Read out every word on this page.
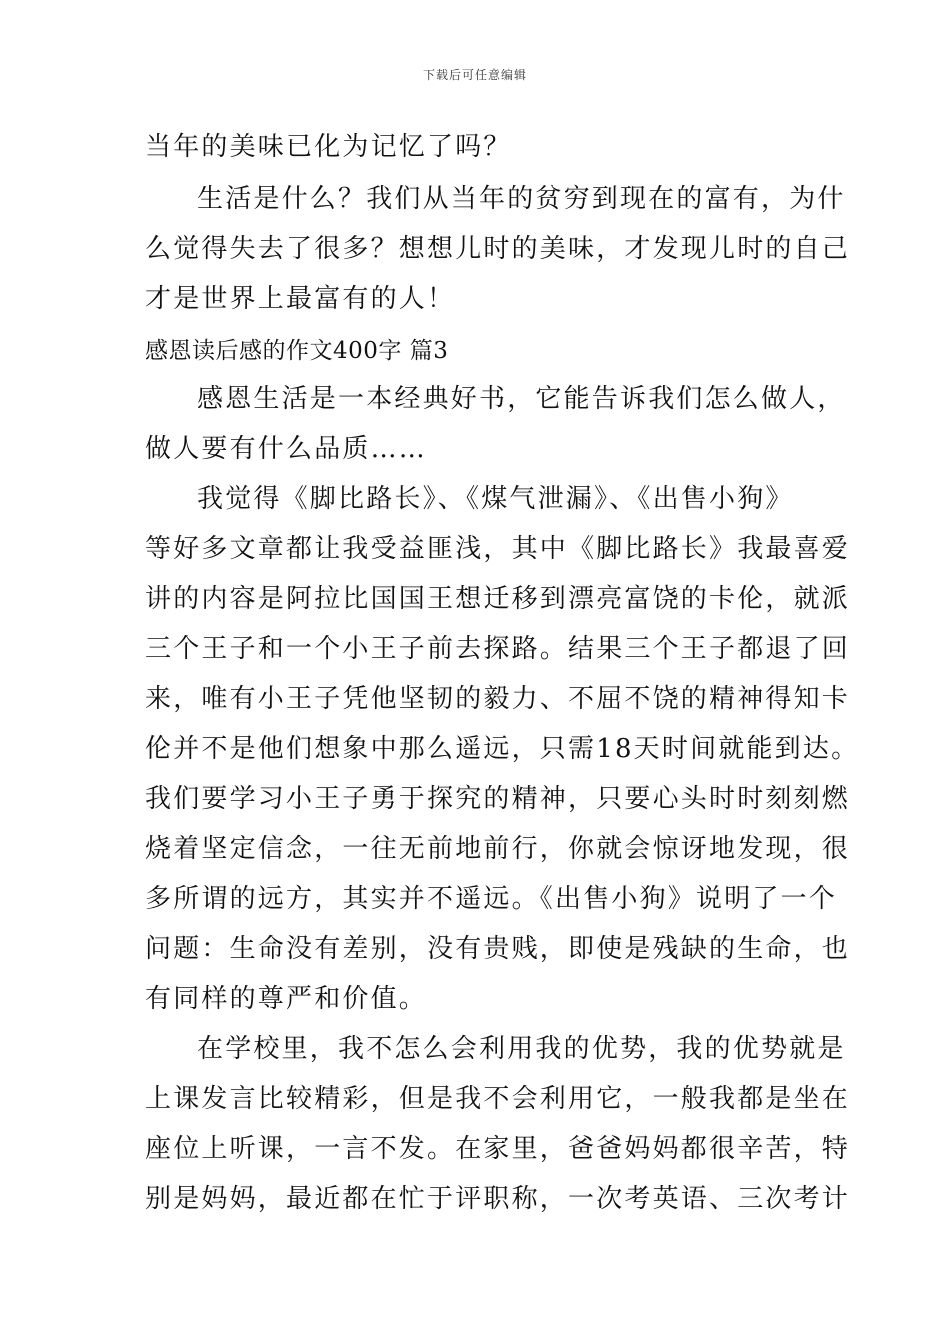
下载后可任意编辑
当年的美味已化为记忆了吗？
生活是什么？我们从当年的贫穷到现在的富有，为什
么觉得失去了很多？想想儿时的美味，才发现儿时的自己
才是世界上最富有的人！
感恩读后感的作文400字 篇3
感恩生活是一本经典好书，它能告诉我们怎么做人，
做人要有什么品质……
我觉得《脚比路长》、《煤气泄漏》、《出售小狗》
等好多文章都让我受益匪浅，其中《脚比路长》我最喜爱
讲的内容是阿拉比国国王想迁移到漂亮富饶的卡伦，就派
三个王子和一个小王子前去探路。结果三个王子都退了回
来，唯有小王子凭他坚韧的毅力、不屈不饶的精神得知卡
伦并不是他们想象中那么遥远，只需18天时间就能到达。
我们要学习小王子勇于探究的精神，只要心头时时刻刻燃
烧着坚定信念，一往无前地前行，你就会惊讶地发现，很
多所谓的远方，其实并不遥远。《出售小狗》说明了一个
问题：生命没有差别，没有贵贱，即使是残缺的生命，也
有同样的尊严和价值。
在学校里，我不怎么会利用我的优势，我的优势就是
上课发言比较精彩，但是我不会利用它，一般我都是坐在
座位上听课，一言不发。在家里，爸爸妈妈都很辛苦，特
别是妈妈，最近都在忙于评职称，一次考英语、三次考计
